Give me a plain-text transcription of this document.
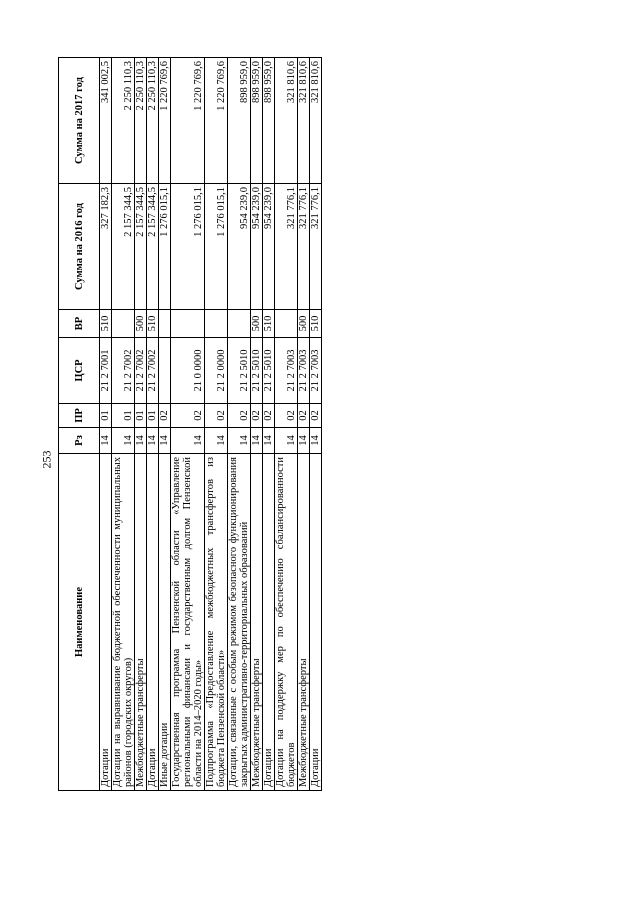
253
Наименование	Рз	ПР	ЦСР	ВР	Сумма на 2016 год	Сумма на 2017 год
Дотации	14	01	21 2 7001	510	327 182,3	341 002,5
Дотации на выравнивание бюджетной обеспеченности муниципальных районов (городских округов)	14	01	21 2 7002		2 157 344,5	2 250 110,3
Межбюджетные трансферты	14	01	21 2 7002	500	2 157 344,5	2 250 110,3
Дотации	14	01	21 2 7002	510	2 157 344,5	2 250 110,3
Иные дотации	14	02			1 276 015,1	1 220 769,6
Государственная программа Пензенской области «Управление региональными финансами и государственным долгом Пензенской области на 2014–2020 годы»	14	02	21 0 0000		1 276 015,1	1 220 769,6
Подпрограмма «Предоставление межбюджетных трансфертов из бюджета Пензенской области»	14	02	21 2 0000		1 276 015,1	1 220 769,6
Дотации, связанные с особым режимом безопасного функционирования закрытых административно-территориальных образований	14	02	21 2 5010		954 239,0	898 959,0
Межбюджетные трансферты	14	02	21 2 5010	500	954 239,0	898 959,0
Дотации	14	02	21 2 5010	510	954 239,0	898 959,0
Дотации на поддержку мер по обеспечению сбалансированности бюджетов	14	02	21 2 7003		321 776,1	321 810,6
Межбюджетные трансферты	14	02	21 2 7003	500	321 776,1	321 810,6
Дотации	14	02	21 2 7003	510	321 776,1	321 810,6
